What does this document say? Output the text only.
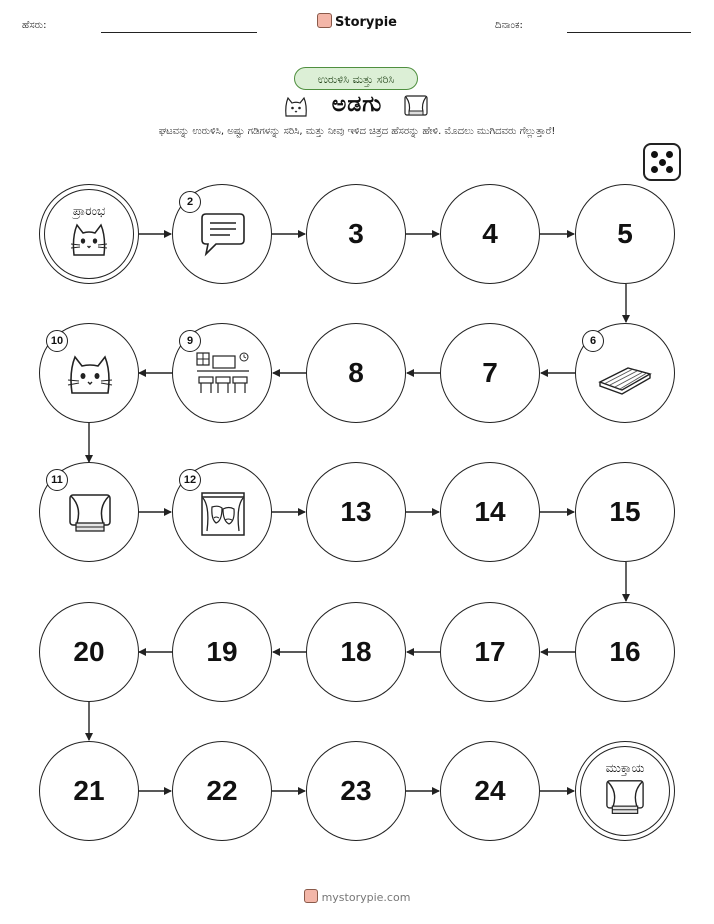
ಹೆಸರು:	Storypie	ದಿನಾಂಕ:
ಉರುಳಿಸಿ ಮತ್ತು ಸರಿಸಿ
ಅಡಗು
ಘಟವನ್ನು ಉರುಳಿಸಿ, ಅಷ್ಟು ಗಡಿಗಳನ್ನು ಸರಿಸಿ, ಮತ್ತು ನೀವು ಇಳಿದ ಚಿತ್ರದ ಹೆಸರನ್ನು ಹೇಳಿ. ಮೊದಲು ಮುಗಿದವರು ಗೆಲ್ಲುತ್ತಾರೆ!
ಪ್ರಾರಂಭ
2
3	4	5
6
7
8
9
10
11	12
13	14	15
16
17
18
19
20
21	22	23	24
ಮುಕ್ತಾಯ
mystorypie.com
